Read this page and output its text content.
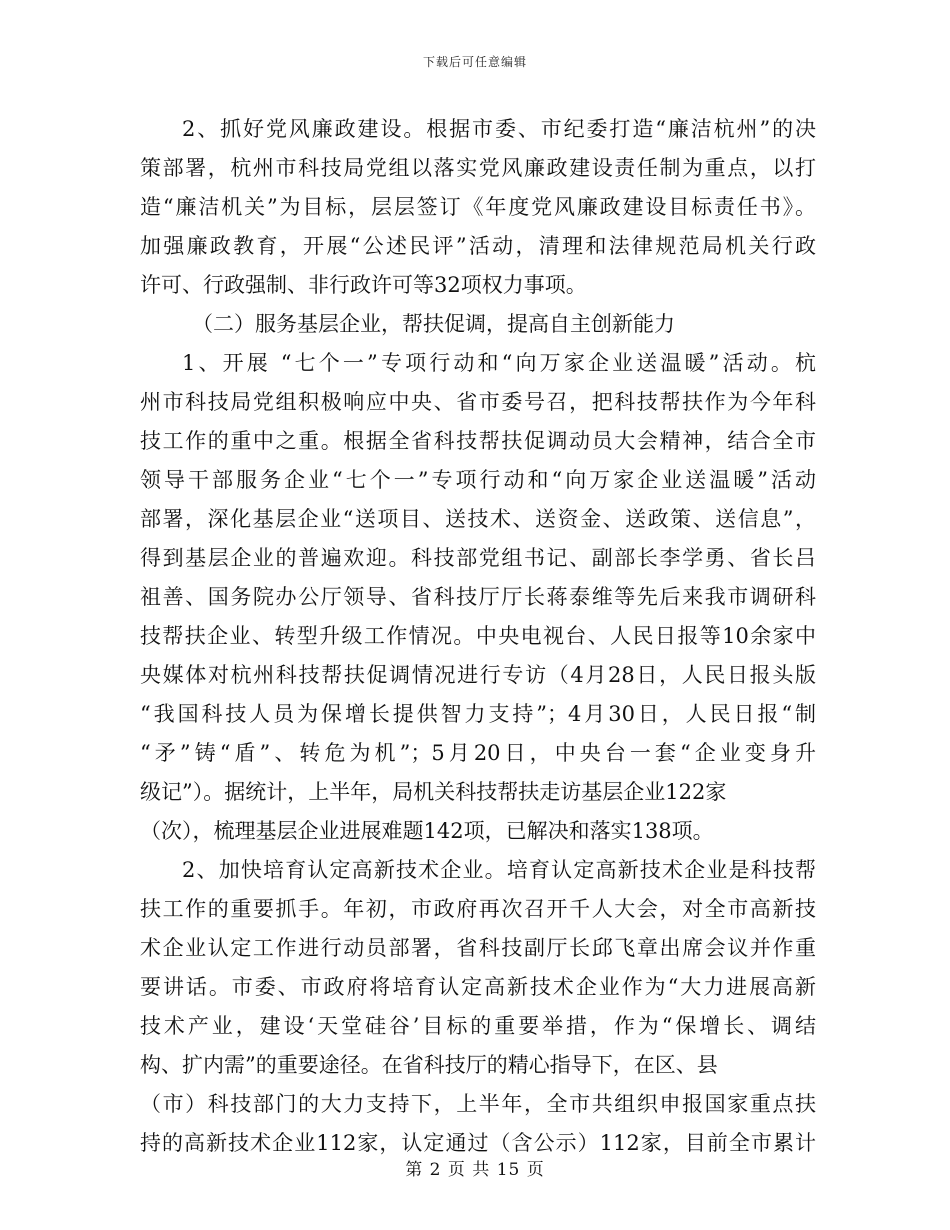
下载后可任意编辑
2、抓好党风廉政建设。根据市委、市纪委打造“廉洁杭州”的决
策部署，杭州市科技局党组以落实党风廉政建设责任制为重点，以打
造“廉洁机关”为目标，层层签订《年度党风廉政建设目标责任书》。
加强廉政教育，开展“公述民评”活动，清理和法律规范局机关行政
许可、行政强制、非行政许可等32项权力事项。
（二）服务基层企业，帮扶促调，提高自主创新能力
1、开展 “七个一”专项行动和“向万家企业送温暖”活动。杭
州市科技局党组积极响应中央、省市委号召，把科技帮扶作为今年科
技工作的重中之重。根据全省科技帮扶促调动员大会精神，结合全市
领导干部服务企业“七个一”专项行动和“向万家企业送温暖”活动
部署，深化基层企业“送项目、送技术、送资金、送政策、送信息”，
得到基层企业的普遍欢迎。科技部党组书记、副部长李学勇、省长吕
祖善、国务院办公厅领导、省科技厅厅长蒋泰维等先后来我市调研科
技帮扶企业、转型升级工作情况。中央电视台、人民日报等10余家中
央媒体对杭州科技帮扶促调情况进行专访（4月28日，人民日报头版
“我国科技人员为保增长提供智力支持”；4月30日，人民日报“制
“矛”铸“盾”、转危为机”；5月20日，中央台一套“企业变身升
级记”）。据统计，上半年，局机关科技帮扶走访基层企业122家
（次），梳理基层企业进展难题142项，已解决和落实138项。
2、加快培育认定高新技术企业。培育认定高新技术企业是科技帮
扶工作的重要抓手。年初，市政府再次召开千人大会，对全市高新技
术企业认定工作进行动员部署，省科技副厅长邱飞章出席会议并作重
要讲话。市委、市政府将培育认定高新技术企业作为“大力进展高新
技术产业，建设‘天堂硅谷’目标的重要举措，作为“保增长、调结
构、扩内需”的重要途径。在省科技厅的精心指导下，在区、县
（市）科技部门的大力支持下，上半年，全市共组织申报国家重点扶
持的高新技术企业112家，认定通过（含公示）112家，目前全市累计
第 2 页 共 15 页
